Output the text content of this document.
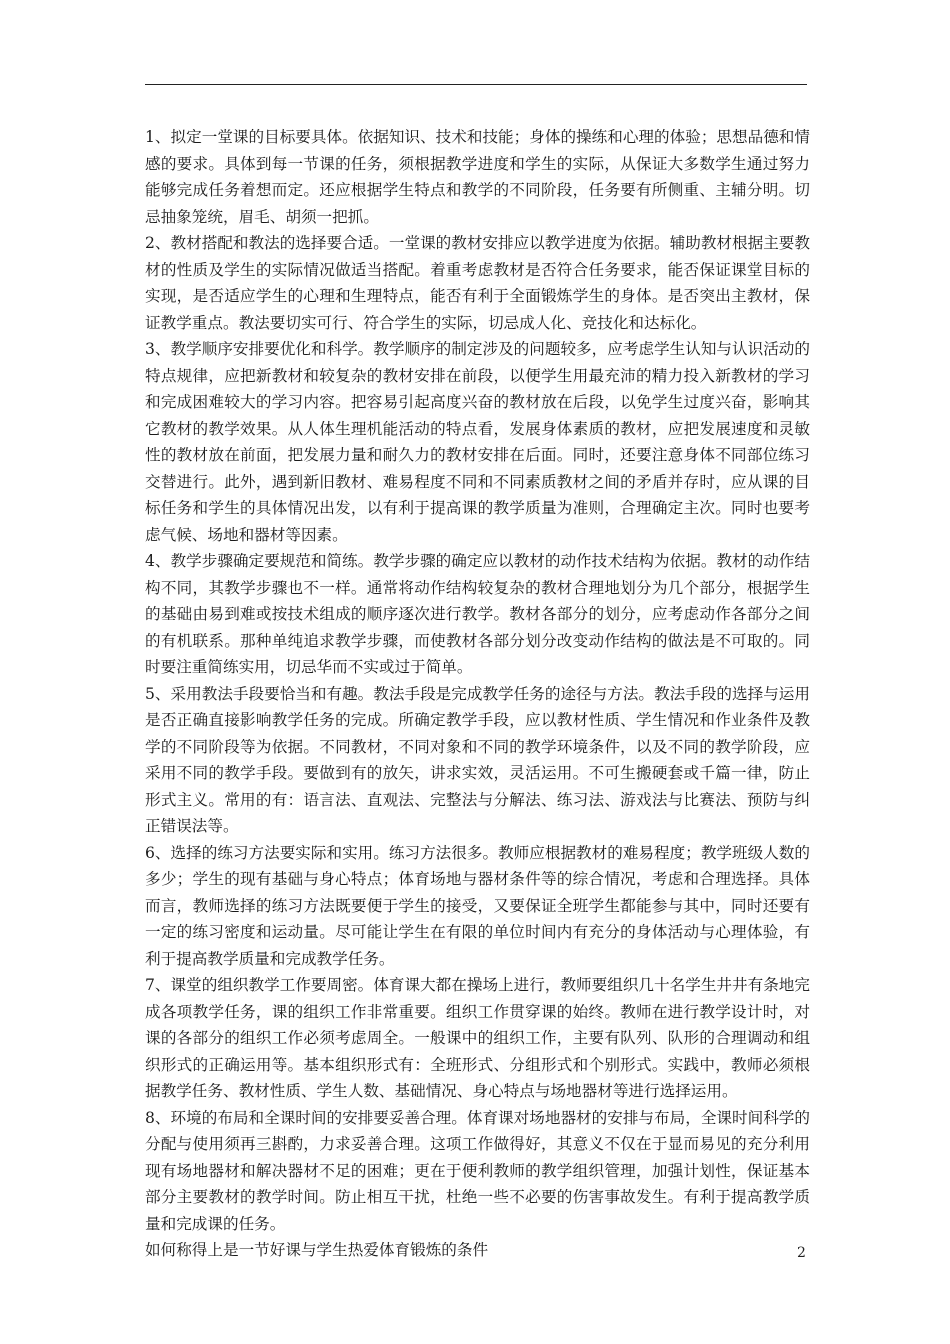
1、拟定一堂课的目标要具体。依据知识、技术和技能；身体的操练和心理的体验；思想品德和情感的要求。具体到每一节课的任务，须根据教学进度和学生的实际，从保证大多数学生通过努力能够完成任务着想而定。还应根据学生特点和教学的不同阶段，任务要有所侧重、主辅分明。切忌抽象笼统，眉毛、胡须一把抓。

2、教材搭配和教法的选择要合适。一堂课的教材安排应以教学进度为依据。辅助教材根据主要教材的性质及学生的实际情况做适当搭配。着重考虑教材是否符合任务要求，能否保证课堂目标的实现，是否适应学生的心理和生理特点，能否有利于全面锻炼学生的身体。是否突出主教材，保证教学重点。教法要切实可行、符合学生的实际，切忌成人化、竞技化和达标化。

3、教学顺序安排要优化和科学。教学顺序的制定涉及的问题较多，应考虑学生认知与认识活动的特点规律，应把新教材和较复杂的教材安排在前段，以便学生用最充沛的精力投入新教材的学习和完成困难较大的学习内容。把容易引起高度兴奋的教材放在后段，以免学生过度兴奋，影响其它教材的教学效果。从人体生理机能活动的特点看，发展身体素质的教材，应把发展速度和灵敏性的教材放在前面，把发展力量和耐久力的教材安排在后面。同时，还要注意身体不同部位练习交替进行。此外，遇到新旧教材、难易程度不同和不同素质教材之间的矛盾并存时，应从课的目标任务和学生的具体情况出发，以有利于提高课的教学质量为准则，合理确定主次。同时也要考虑气候、场地和器材等因素。

4、教学步骤确定要规范和简练。教学步骤的确定应以教材的动作技术结构为依据。教材的动作结构不同，其教学步骤也不一样。通常将动作结构较复杂的教材合理地划分为几个部分，根据学生的基础由易到难或按技术组成的顺序逐次进行教学。教材各部分的划分，应考虑动作各部分之间的有机联系。那种单纯追求教学步骤，而使教材各部分划分改变动作结构的做法是不可取的。同时要注重简练实用，切忌华而不实或过于简单。

5、采用教法手段要恰当和有趣。教法手段是完成教学任务的途径与方法。教法手段的选择与运用是否正确直接影响教学任务的完成。所确定教学手段，应以教材性质、学生情况和作业条件及教学的不同阶段等为依据。不同教材，不同对象和不同的教学环境条件，以及不同的教学阶段，应采用不同的教学手段。要做到有的放矢，讲求实效，灵活运用。不可生搬硬套或千篇一律，防止形式主义。常用的有：语言法、直观法、完整法与分解法、练习法、游戏法与比赛法、预防与纠正错误法等。

6、选择的练习方法要实际和实用。练习方法很多。教师应根据教材的难易程度；教学班级人数的多少；学生的现有基础与身心特点；体育场地与器材条件等的综合情况，考虑和合理选择。具体而言，教师选择的练习方法既要便于学生的接受，又要保证全班学生都能参与其中，同时还要有一定的练习密度和运动量。尽可能让学生在有限的单位时间内有充分的身体活动与心理体验，有利于提高教学质量和完成教学任务。

7、课堂的组织教学工作要周密。体育课大都在操场上进行，教师要组织几十名学生井井有条地完成各项教学任务，课的组织工作非常重要。组织工作贯穿课的始终。教师在进行教学设计时，对课的各部分的组织工作必须考虑周全。一般课中的组织工作，主要有队列、队形的合理调动和组织形式的正确运用等。基本组织形式有：全班形式、分组形式和个别形式。实践中，教师必须根据教学任务、教材性质、学生人数、基础情况、身心特点与场地器材等进行选择运用。

8、环境的布局和全课时间的安排要妥善合理。体育课对场地器材的安排与布局，全课时间科学的分配与使用须再三斟酌，力求妥善合理。这项工作做得好，其意义不仅在于显而易见的充分利用现有场地器材和解决器材不足的困难；更在于便利教师的教学组织管理，加强计划性，保证基本部分主要教材的教学时间。防止相互干扰，杜绝一些不必要的伤害事故发生。有利于提高教学质量和完成课的任务。

如何称得上是一节好课与学生热爱体育锻炼的条件	2
